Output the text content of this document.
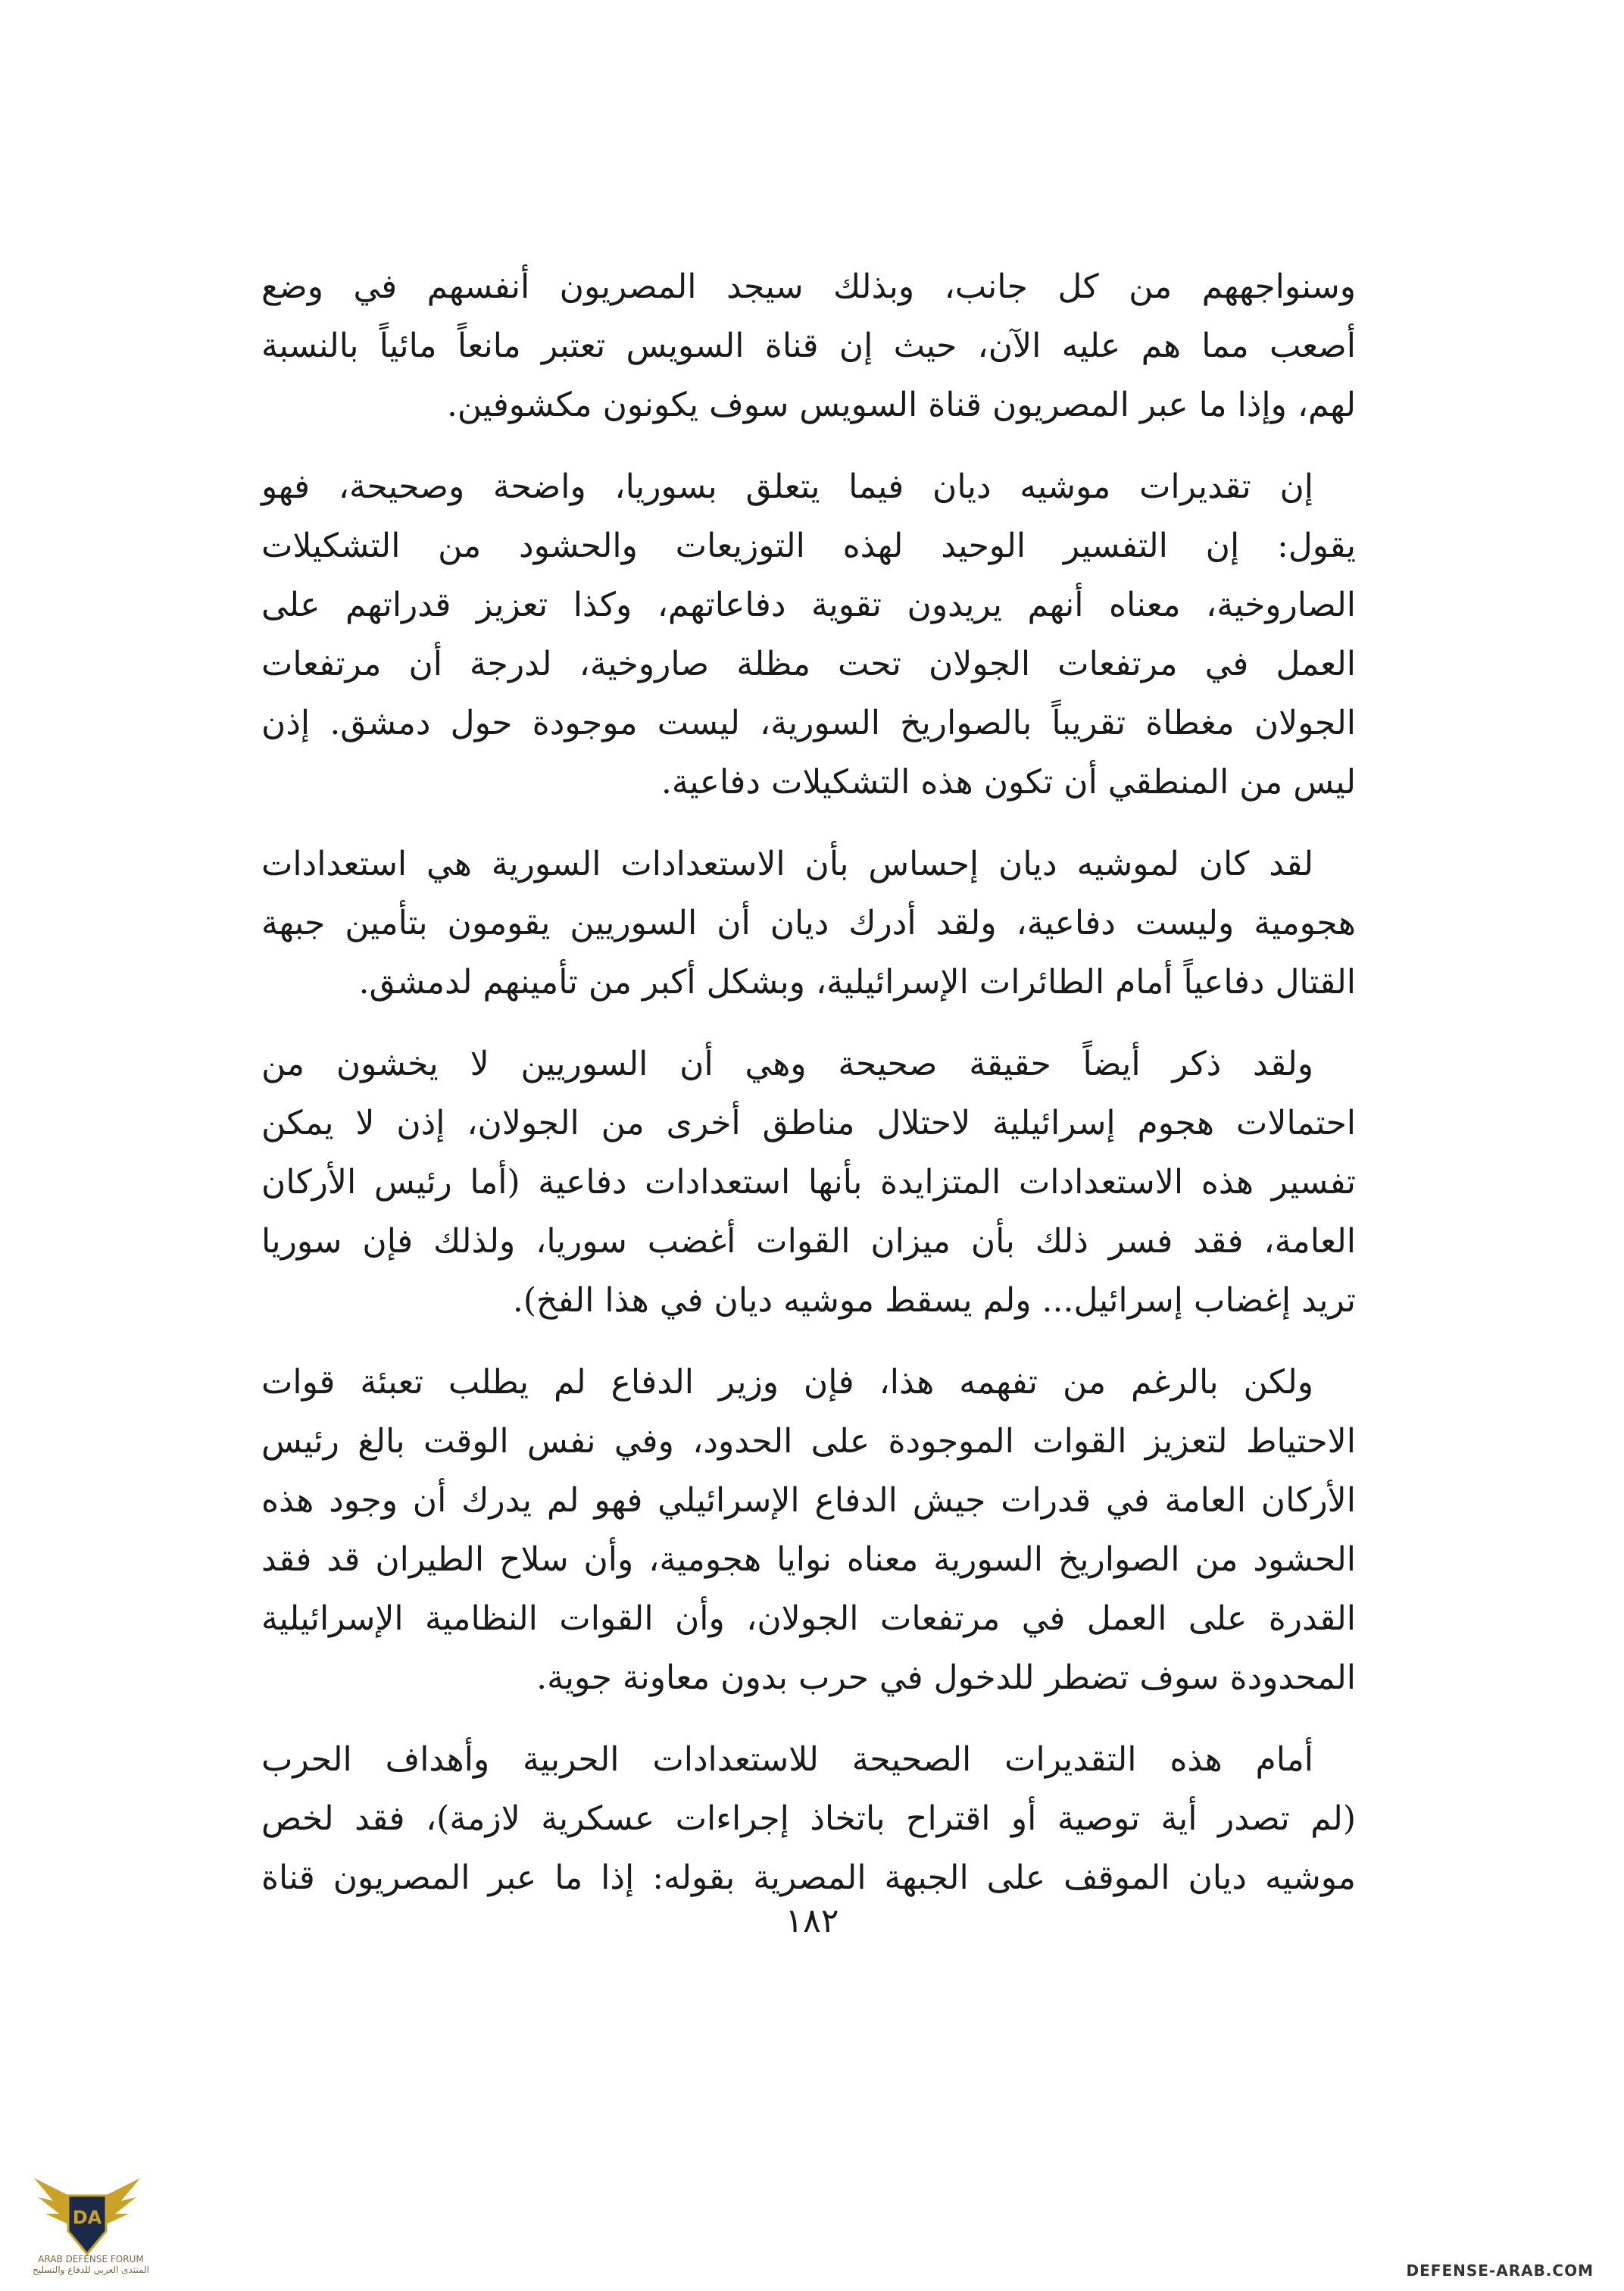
وسنواجههم من كل جانب، وبذلك سيجد المصريون أنفسهم في وضع
أصعب مما هم عليه الآن، حيث إن قناة السويس تعتبر مانعاً مائياً بالنسبة
لهم، وإذا ما عبر المصريون قناة السويس سوف يكونون مكشوفين.

إن تقديرات موشيه ديان فيما يتعلق بسوريا، واضحة وصحيحة، فهو
يقول: إن التفسير الوحيد لهذه التوزيعات والحشود من التشكيلات
الصاروخية، معناه أنهم يريدون تقوية دفاعاتهم، وكذا تعزيز قدراتهم على
العمل في مرتفعات الجولان تحت مظلة صاروخية، لدرجة أن مرتفعات
الجولان مغطاة تقريباً بالصواريخ السورية، ليست موجودة حول دمشق. إذن
ليس من المنطقي أن تكون هذه التشكيلات دفاعية.

لقد كان لموشيه ديان إحساس بأن الاستعدادات السورية هي استعدادات
هجومية وليست دفاعية، ولقد أدرك ديان أن السوريين يقومون بتأمين جبهة
القتال دفاعياً أمام الطائرات الإسرائيلية، وبشكل أكبر من تأمينهم لدمشق.

ولقد ذكر أيضاً حقيقة صحيحة وهي أن السوريين لا يخشون من
احتمالات هجوم إسرائيلية لاحتلال مناطق أخرى من الجولان، إذن لا يمكن
تفسير هذه الاستعدادات المتزايدة بأنها استعدادات دفاعية (أما رئيس الأركان
العامة، فقد فسر ذلك بأن ميزان القوات أغضب سوريا، ولذلك فإن سوريا
تريد إغضاب إسرائيل... ولم يسقط موشيه ديان في هذا الفخ).

ولكن بالرغم من تفهمه هذا، فإن وزير الدفاع لم يطلب تعبئة قوات
الاحتياط لتعزيز القوات الموجودة على الحدود، وفي نفس الوقت بالغ رئيس
الأركان العامة في قدرات جيش الدفاع الإسرائيلي فهو لم يدرك أن وجود هذه
الحشود من الصواريخ السورية معناه نوايا هجومية، وأن سلاح الطيران قد فقد
القدرة على العمل في مرتفعات الجولان، وأن القوات النظامية الإسرائيلية
المحدودة سوف تضطر للدخول في حرب بدون معاونة جوية.

أمام هذه التقديرات الصحيحة للاستعدادات الحربية وأهداف الحرب
(لم تصدر أية توصية أو اقتراح باتخاذ إجراءات عسكرية لازمة)، فقد لخص
موشيه ديان الموقف على الجبهة المصرية بقوله: إذا ما عبر المصريون قناة

١٨٢
DA
ARAB DEFENSE FORUM
المنتدى العربي للدفاع والتسليح	DEFENSE-ARAB.COM
